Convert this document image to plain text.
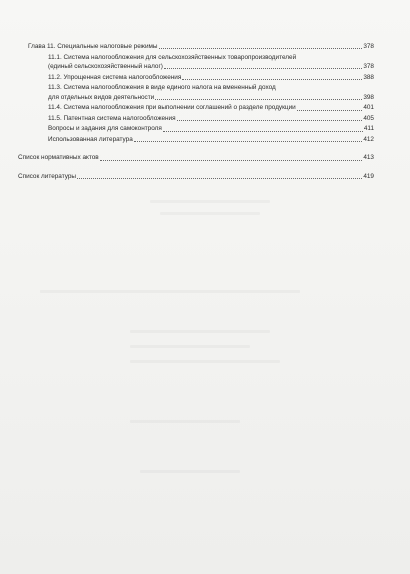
Глава 11. Специальные налоговые режимы	378
11.1. Система налогообложения для сельскохозяйственных товаропроизводителей
(единый сельскохозяйственный налог)	378
11.2. Упрощенная система налогообложения	388
11.3. Система налогообложения в виде единого налога на вмененный доход
для отдельных видов деятельности	398
11.4. Система налогообложения при выполнении соглашений о разделе продукции	401
11.5. Патентная система налогообложения	405
Вопросы и задания для самоконтроля	411
Использованная литература	412
Список нормативных актов	413
Список литературы	419
